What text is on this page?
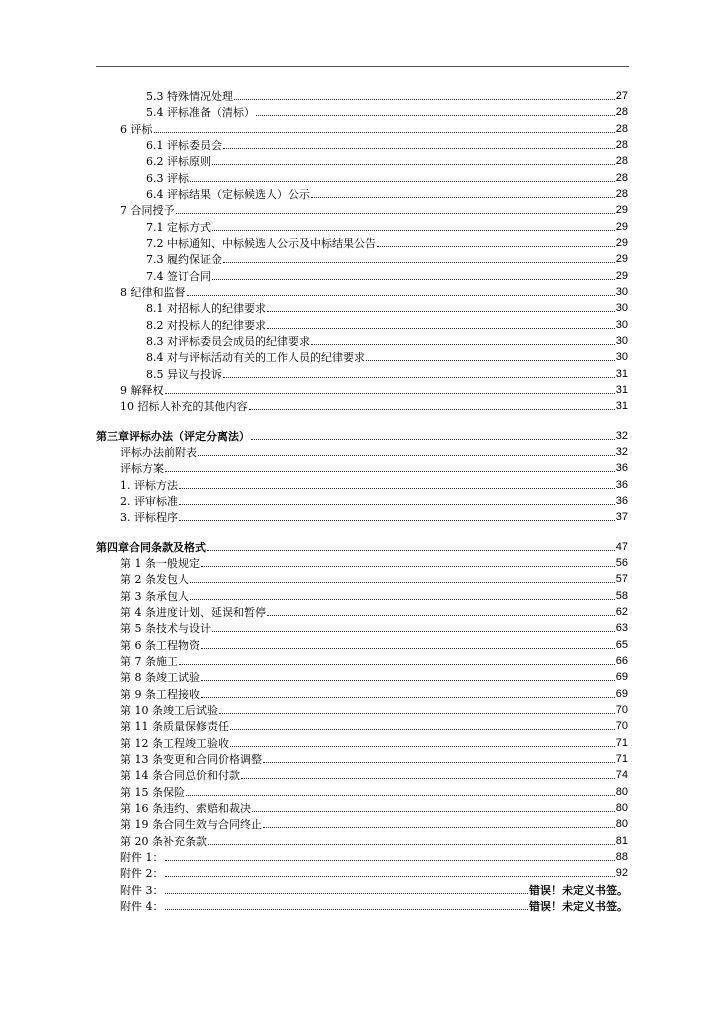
5.3 特殊情况处理	27
5.4 评标准备（清标）	28
6 评标	28
6.1 评标委员会	28
6.2 评标原则	28
6.3 评标	28
6.4 评标结果（定标候选人）公示	28
7 合同授予	29
7.1 定标方式	29
7.2 中标通知、中标候选人公示及中标结果公告	29
7.3 履约保证金	29
7.4 签订合同	29
8 纪律和监督	30
8.1 对招标人的纪律要求	30
8.2 对投标人的纪律要求	30
8.3 对评标委员会成员的纪律要求	30
8.4 对与评标活动有关的工作人员的纪律要求	30
8.5 异议与投诉	31
9 解释权	31
10 招标人补充的其他内容	31
第三章评标办法（评定分离法）	32
评标办法前附表	32
评标方案	36
1. 评标方法	36
2. 评审标准	36
3. 评标程序	37
第四章合同条款及格式	47
第 1 条一般规定	56
第 2 条发包人	57
第 3 条承包人	58
第 4 条进度计划、延误和暂停	62
第 5 条技术与设计	63
第 6 条工程物资	65
第 7 条施工	66
第 8 条竣工试验	69
第 9 条工程接收	69
第 10 条竣工后试验	70
第 11 条质量保修责任	70
第 12 条工程竣工验收	71
第 13 条变更和合同价格调整	71
第 14 条合同总价和付款	74
第 15 条保险	80
第 16 条违约、索赔和裁决	80
第 19 条合同生效与合同终止	80
第 20 条补充条款	81
附件 1：	88
附件 2：	92
附件 3：	错误！未定义书签。
附件 4：	错误！未定义书签。
